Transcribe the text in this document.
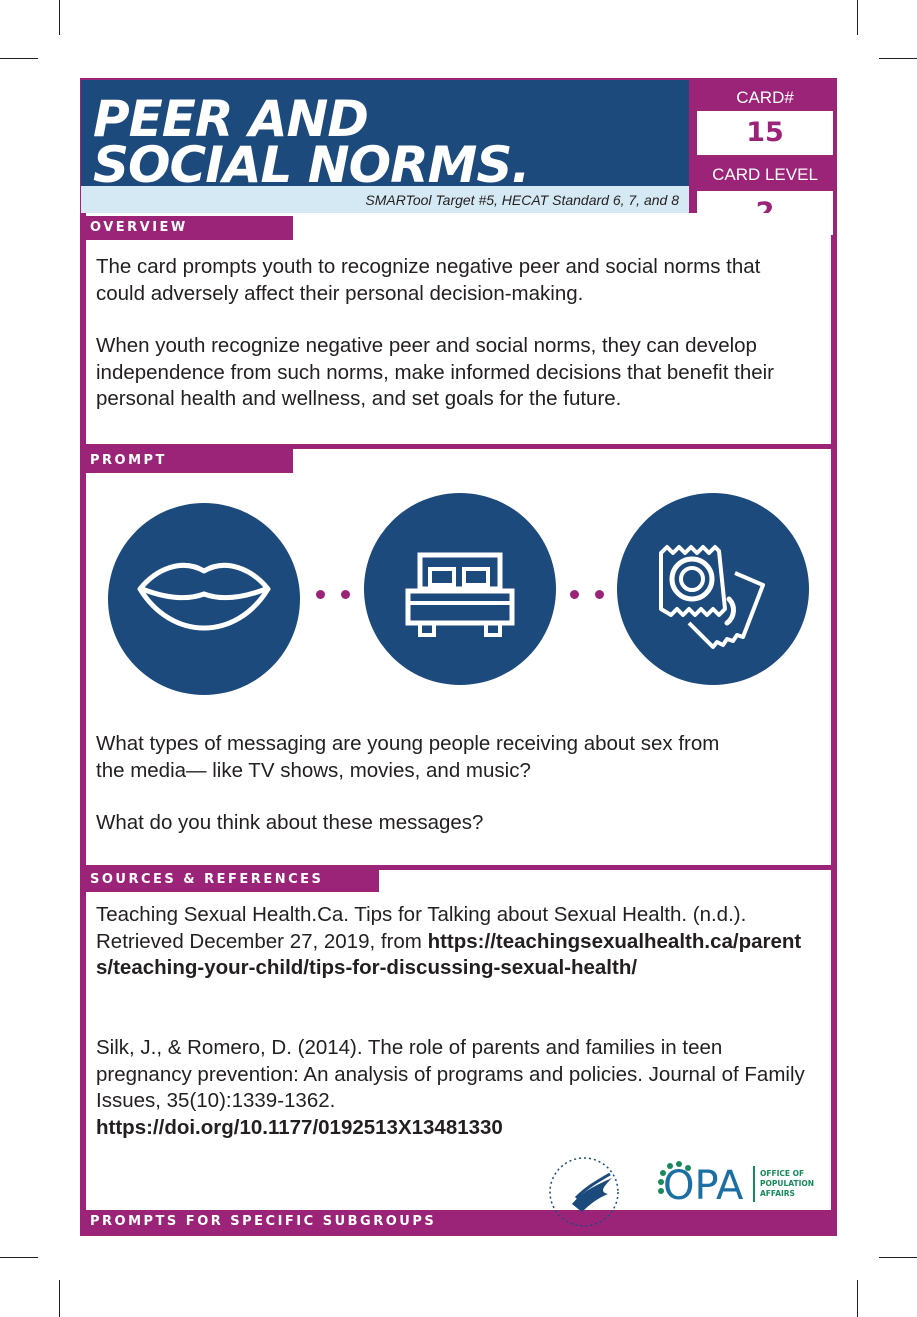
PEER AND
SOCIAL NORMS.
SMARTool Target #5, HECAT Standard 6, 7, and 8
CARD#
15
CARD LEVEL
OVERVIEW

The card prompts youth to recognize negative peer and social norms that could adversely affect their personal decision-making.

When youth recognize negative peer and social norms, they can develop independence from such norms, make informed decisions that benefit their personal health and wellness, and set goals for the future.

PROMPT

What types of messaging are young people receiving about sex from the media— like TV shows, movies, and music?

What do you think about these messages?

SOURCES & REFERENCES
Teaching Sexual Health.Ca. Tips for Talking about Sexual Health. (n.d.). Retrieved December 27, 2019, from https://teachingsexualhealth.ca/parents/teaching-your-child/tips-for-discussing-sexual-health/
Silk, J., & Romero, D. (2014). The role of parents and families in teen pregnancy prevention: An analysis of programs and policies. Journal of Family Issues, 35(10):1339-1362.
https://doi.org/10.1177/0192513X13481330
OPA OFFICE OF
POPULATION
AFFAIRS
PROMPTS FOR SPECIFIC SUBGROUPS
